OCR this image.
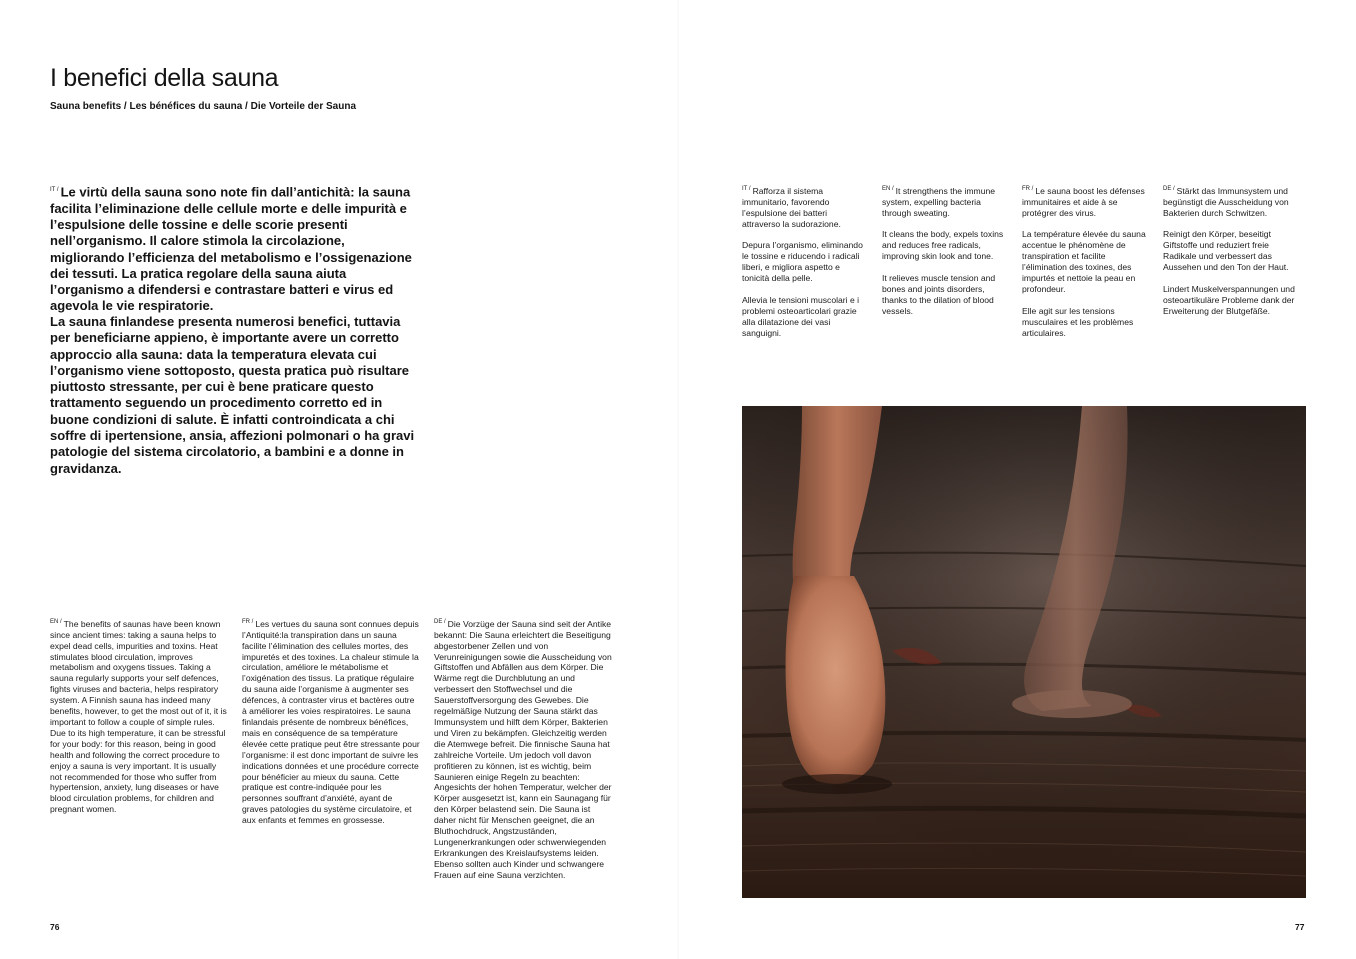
I benefici della sauna
Sauna benefits / Les bénéfices du sauna / Die Vorteile der Sauna
$^{IT /}$ Le virtù della sauna sono note fin dall’antichità: la sauna facilita l’eliminazione delle cellule morte e delle impurità e l’espulsione delle tossine e delle scorie presenti nell’organismo. Il calore stimola la circolazione, migliorando l’efficienza del metabolismo e l’ossigenazione dei tessuti. La pratica regolare della sauna aiuta l’organismo a difendersi e contrastare batteri e virus ed agevola le vie respiratorie.
La sauna finlandese presenta numerosi benefici, tuttavia per beneficiarne appieno, è importante avere un corretto approccio alla sauna: data la temperatura elevata cui l’organismo viene sottoposto, questa pratica può risultare piuttosto stressante, per cui è bene praticare questo trattamento seguendo un procedimento corretto ed in buone condizioni di salute. È infatti controindicata a chi soffre di ipertensione, ansia, affezioni polmonari o ha gravi patologie del sistema circolatorio, a bambini e a donne in gravidanza.
$^{EN /}$ The benefits of saunas have been known since ancient times: taking a sauna helps to expel dead cells, impurities and toxins. Heat stimulates blood circulation, improves metabolism and oxygens tissues. Taking a sauna regularly supports your self defences, fights viruses and bacteria, helps respiratory system. A Finnish sauna has indeed many benefits, however, to get the most out of it, it is important to follow a couple of simple rules. Due to its high temperature, it can be stressful for your body: for this reason, being in good health and following the correct procedure to enjoy a sauna is very important. It is usually not recommended for those who suffer from hypertension, anxiety, lung diseases or have blood circulation problems, for children and pregnant women.
$^{FR /}$ Les vertues du sauna sont connues depuis l’Antiquité:la transpiration dans un sauna facilite l’élimination des cellules mortes, des impuretés et des toxines. La chaleur stimule la circulation, améliore le métabolisme et l’oxigénation des tissus. La pratique régulaire du sauna aide l’organisme à augmenter ses défences, à contraster virus et bactères outre à améliorer les voies respiratoires. Le sauna finlandais présente de nombreux bénéfices, mais en conséquence de sa température élevée cette pratique peut être stressante pour l’organisme: il est donc important de suivre les indications données et une procédure correcte pour bénéficier au mieux du sauna. Cette pratique est contre-indiquée pour les personnes souffrant d’anxiété, ayant de graves patologies du système circulatoire, et aux enfants et femmes en grossesse.
$^{DE /}$ Die Vorzüge der Sauna sind seit der Antike bekannt: Die Sauna erleichtert die Beseitigung abgestorbener Zellen und von Verunreinigungen sowie die Ausscheidung von Giftstoffen und Abfällen aus dem Körper. Die Wärme regt die Durchblutung an und verbessert den Stoffwechsel und die Sauerstoffversorgung des Gewebes. Die regelmäßige Nutzung der Sauna stärkt das Immunsystem und hilft dem Körper, Bakterien und Viren zu bekämpfen. Gleichzeitig werden die Atemwege befreit. Die finnische Sauna hat zahlreiche Vorteile. Um jedoch voll davon profitieren zu können, ist es wichtig, beim Saunieren einige Regeln zu beachten: Angesichts der hohen Temperatur, welcher der Körper ausgesetzt ist, kann ein Saunagang für den Körper belastend sein. Die Sauna ist daher nicht für Menschen geeignet, die an Bluthochdruck, Angstzuständen, Lungenerkrankungen oder schwerwiegenden Erkrankungen des Kreislaufsystems leiden. Ebenso sollten auch Kinder und schwangere Frauen auf eine Sauna verzichten.
76

$^{IT /}$ Rafforza il sistema immunitario, favorendo l’espulsione dei batteri attraverso la sudorazione.

Depura l’organismo, eliminando le tossine e riducendo i radicali liberi, e migliora aspetto e tonicità della pelle.

Allevia le tensioni muscolari e i problemi osteoarticolari grazie alla dilatazione dei vasi sanguigni.

$^{EN /}$ It strengthens the immune system, expelling bacteria through sweating.

It cleans the body, expels toxins and reduces free radicals, improving skin look and tone.

It relieves muscle tension and bones and joints disorders, thanks to the dilation of blood vessels.

$^{FR /}$ Le sauna boost les défenses immunitaires et aide à se protégrer des virus.

La température élevée du sauna accentue le phénomène de transpiration et facilite l’élimination des toxines, des impurtés et nettoie la peau en profondeur.

Elle agit sur les tensions musculaires et les problèmes articulaires.

$^{DE /}$ Stärkt das Immunsystem und begünstigt die Ausscheidung von Bakterien durch Schwitzen.

Reinigt den Körper, beseitigt Giftstoffe und reduziert freie Radikale und verbessert das Aussehen und den Ton der Haut.

Lindert Muskelverspannungen und osteoartikuläre Probleme dank der Erweiterung der Blutgefäße.

77
